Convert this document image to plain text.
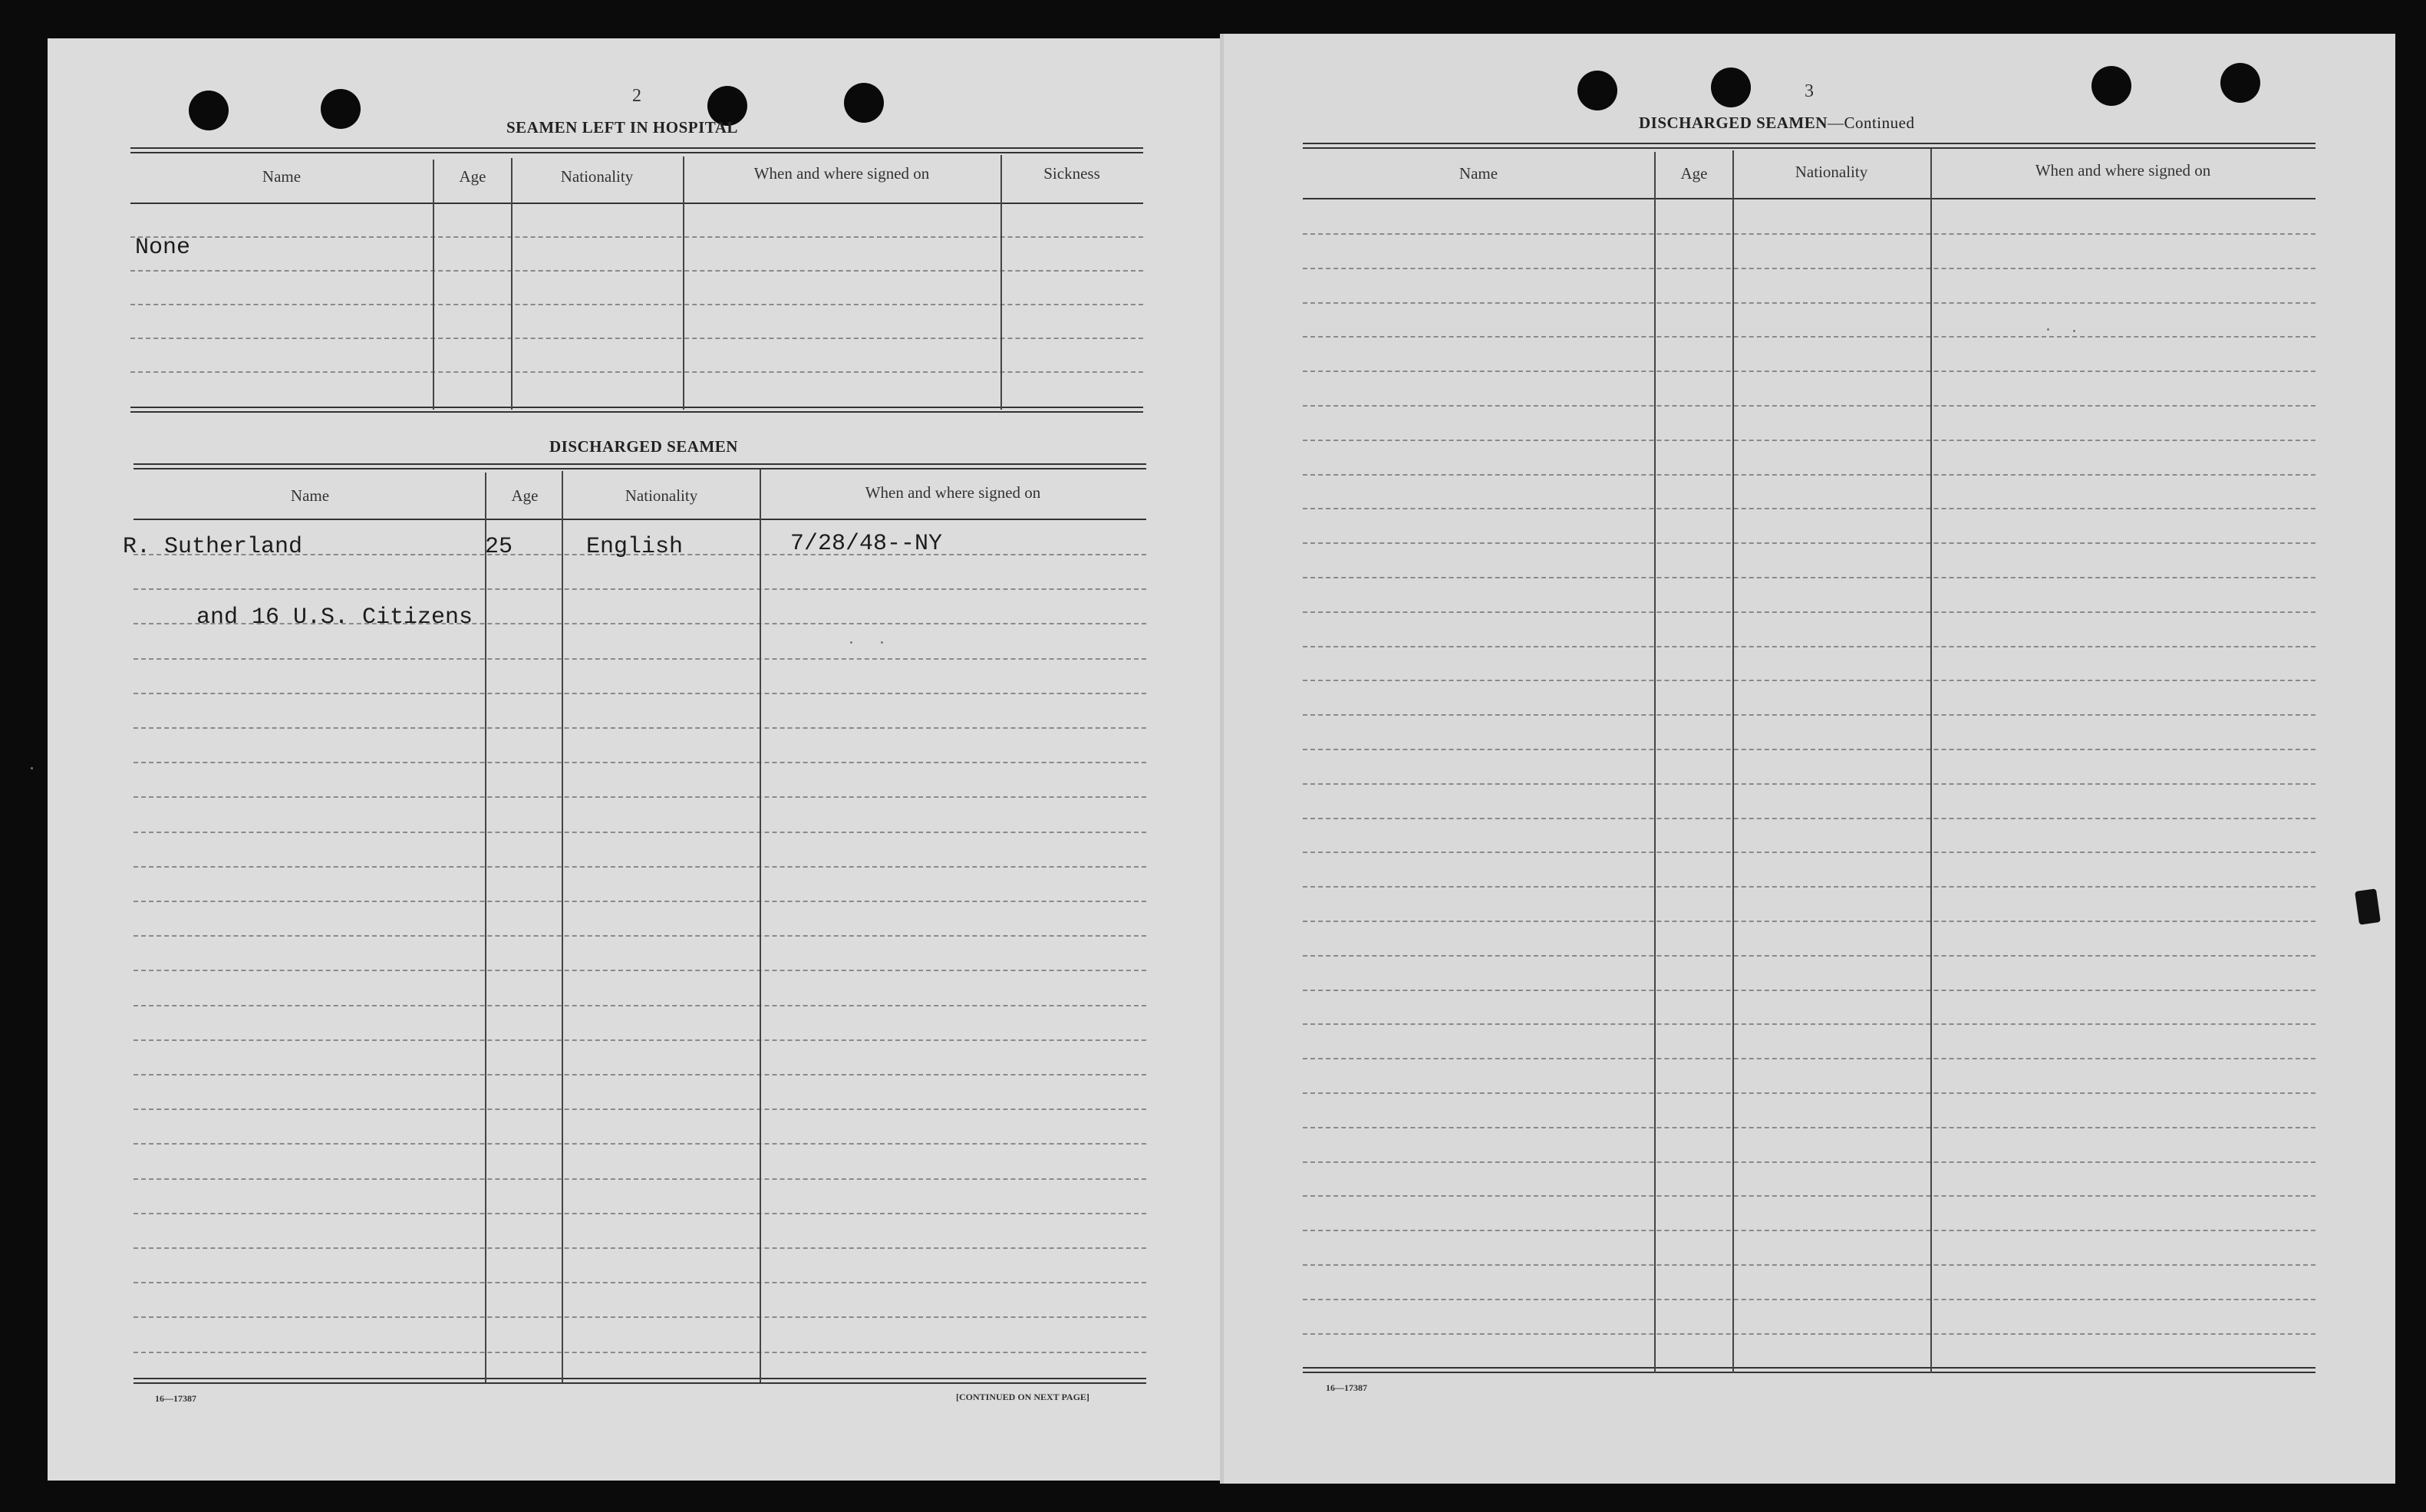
2
SEAMEN LEFT IN HOSPITAL
Name	Age	Nationality	When and where signed on	Sickness
None
DISCHARGED SEAMEN
Name	Age	Nationality	When and where signed on
R. Sutherland	25	English	7/28/48--NY
and 16 U.S. Citizens
16—17387	[CONTINUED ON NEXT PAGE]
3
DISCHARGED SEAMEN—Continued
Name	Age	Nationality	When and where signed on
16—17387
